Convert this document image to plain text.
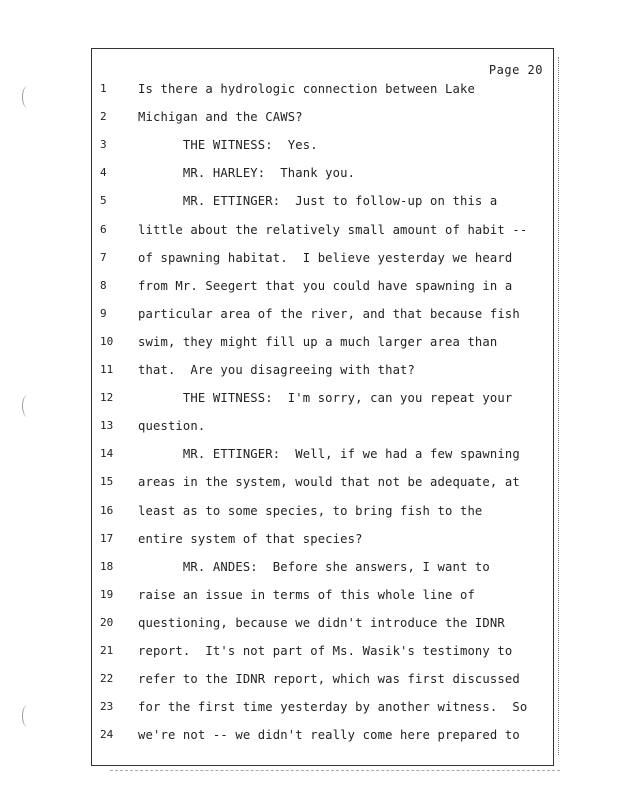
Page 20
1	Is there a hydrologic connection between Lake
2	Michigan and the CAWS?
3	THE WITNESS:  Yes.
4	MR. HARLEY:  Thank you.
5	MR. ETTINGER:  Just to follow-up on this a
6	little about the relatively small amount of habit --
7	of spawning habitat.  I believe yesterday we heard
8	from Mr. Seegert that you could have spawning in a
9	particular area of the river, and that because fish
10	swim, they might fill up a much larger area than
11	that.  Are you disagreeing with that?
12	THE WITNESS:  I'm sorry, can you repeat your
13	question.
14	MR. ETTINGER:  Well, if we had a few spawning
15	areas in the system, would that not be adequate, at
16	least as to some species, to bring fish to the
17	entire system of that species?
18	MR. ANDES:  Before she answers, I want to
19	raise an issue in terms of this whole line of
20	questioning, because we didn't introduce the IDNR
21	report.  It's not part of Ms. Wasik's testimony to
22	refer to the IDNR report, which was first discussed
23	for the first time yesterday by another witness.  So
24	we're not -- we didn't really come here prepared to
